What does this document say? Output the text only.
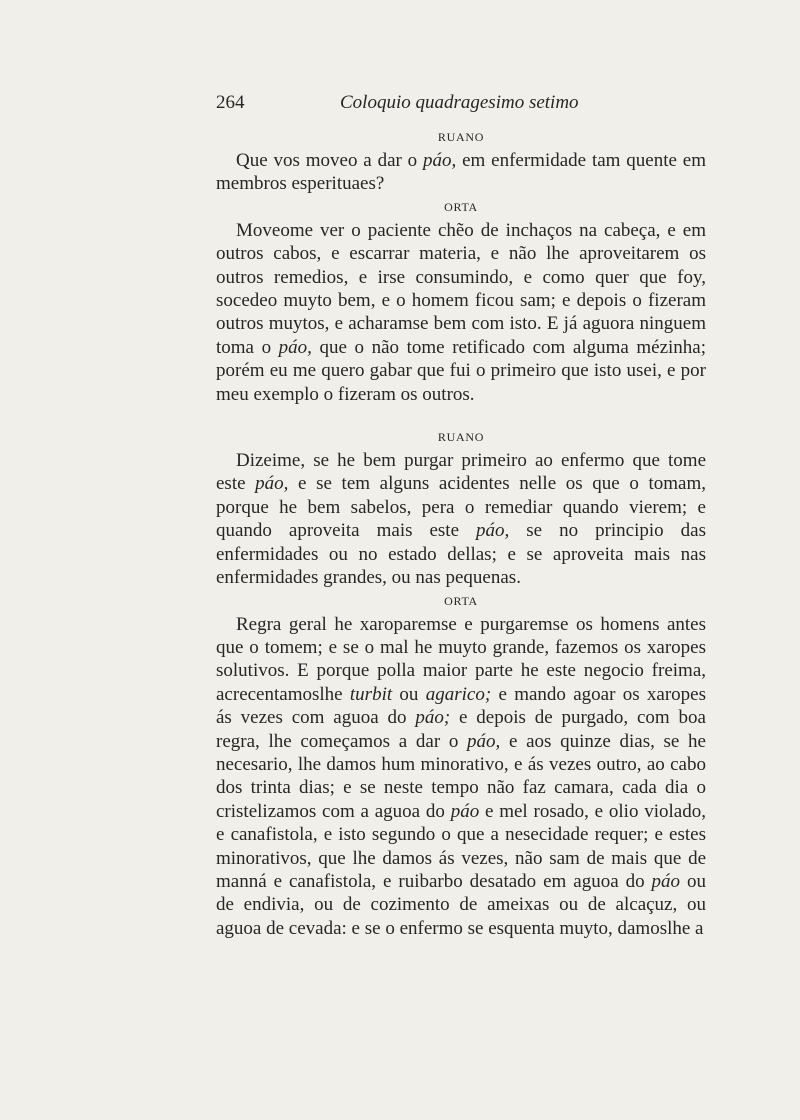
264	Coloquio quadragesimo setimo

RUANO

Que vos moveo a dar o páo, em enfermidade tam quente em membros esperituaes?

ORTA

Moveome ver o paciente chẽo de inchaços na cabeça, e em outros cabos, e escarrar materia, e não lhe aproveitarem os outros remedios, e irse consumindo, e como quer que foy, socedeo muyto bem, e o homem ficou sam; e depois o fizeram outros muytos, e acharamse bem com isto. E já aguora ninguem toma o páo, que o não tome retificado com alguma mézinha; porém eu me quero gabar que fui o primeiro que isto usei, e por meu exemplo o fizeram os outros.

RUANO

Dizeime, se he bem purgar primeiro ao enfermo que tome este páo, e se tem alguns acidentes nelle os que o tomam, porque he bem sabelos, pera o remediar quando vierem; e quando aproveita mais este páo, se no principio das enfermidades ou no estado dellas; e se aproveita mais nas enfermidades grandes, ou nas pequenas.

ORTA

Regra geral he xaroparemse e purgaremse os homens antes que o tomem; e se o mal he muyto grande, fazemos os xaropes solutivos. E porque polla maior parte he este negocio freima, acrecentamoslhe turbit ou agarico; e mando agoar os xaropes ás vezes com aguoa do páo; e depois de purgado, com boa regra, lhe começamos a dar o páo, e aos quinze dias, se he necesario, lhe damos hum minorativo, e ás vezes outro, ao cabo dos trinta dias; e se neste tempo não faz camara, cada dia o cristelizamos com a aguoa do páo e mel rosado, e olio violado, e canafistola, e isto segundo o que a nesecidade requer; e estes minorativos, que lhe damos ás vezes, não sam de mais que de manná e canafistola, e ruibarbo desatado em aguoa do páo ou de endivia, ou de cozimento de ameixas ou de alcaçuz, ou aguoa de cevada: e se o enfermo se esquenta muyto, damoslhe a
